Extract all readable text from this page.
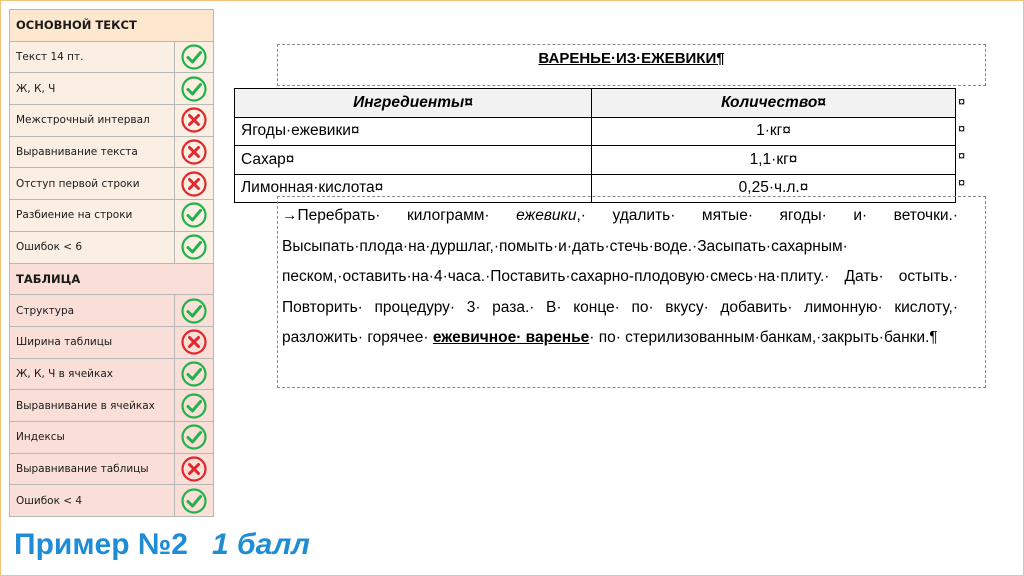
ОСНОВНОЙ ТЕКСТ	
Текст 14 пт.	
Ж, К, Ч	
Межстрочный интервал	
Выравнивание текста	
Отступ первой строки	
Разбиение на строки	
Ошибок < 6	
ТАБЛИЦА	
Структура	
Ширина таблицы	
Ж, К, Ч в ячейках	
Выравнивание в ячейках	
Индексы	
Выравнивание таблицы	
Ошибок < 4	
Пример №2 1 балл
ВАРЕНЬЕ·ИЗ·ЕЖЕВИКИ¶
Ингредиенты¤	Количество¤
Ягоды·ежевики¤	1·кг¤
Сахар¤	1,1·кг¤
Лимонная·кислота¤	0,25·ч.л.¤
¤
¤
¤
¤
→Перебрать· килограмм· ежевики,· удалить· мятые· ягоды· и· веточки.· Высыпать·плода·на·дуршлаг,·помыть·и·дать·стечь·воде.·Засыпать·сахарным· песком,·оставить·на·4·часа.·Поставить·сахарно-плодовую·смесь·на·плиту.· Дать· остыть.· Повторить· процедуру· 3· раза.· В· конце· по· вкусу· добавить· лимонную· кислоту,· разложить· горячее· ежевичное· варенье· по· стерилизованным·банкам,·закрыть·банки.¶
